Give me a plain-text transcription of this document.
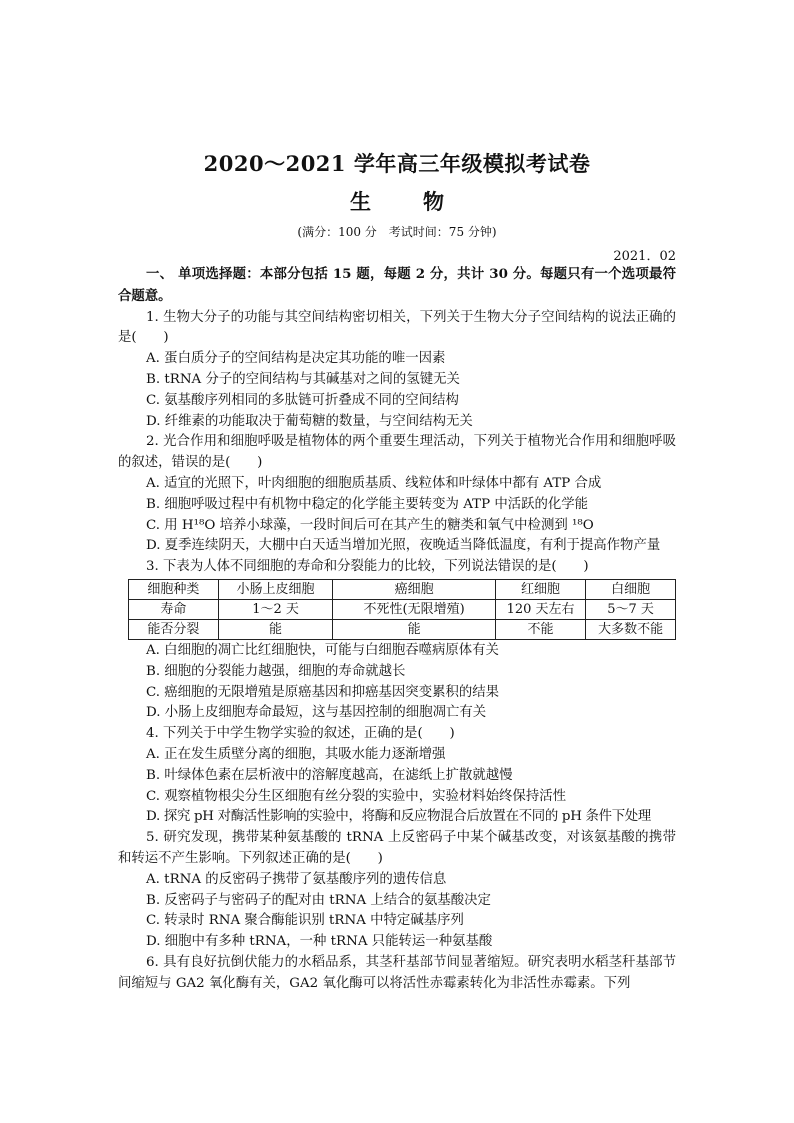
2020～2021 学年高三年级模拟考试卷
生 物
(满分：100 分　考试时间：75 分钟)
2021．02

一、 单项选择题：本部分包括 15 题，每题 2 分，共计 30 分。每题只有一个选项最符合题意。

1. 生物大分子的功能与其空间结构密切相关，下列关于生物大分子空间结构的说法正确的是(　　)

A. 蛋白质分子的空间结构是决定其功能的唯一因素

B. tRNA 分子的空间结构与其碱基对之间的氢键无关

C. 氨基酸序列相同的多肽链可折叠成不同的空间结构

D. 纤维素的功能取决于葡萄糖的数量，与空间结构无关

2. 光合作用和细胞呼吸是植物体的两个重要生理活动，下列关于植物光合作用和细胞呼吸的叙述，错误的是(　　)

A. 适宜的光照下，叶肉细胞的细胞质基质、线粒体和叶绿体中都有 ATP 合成

B. 细胞呼吸过程中有机物中稳定的化学能主要转变为 ATP 中活跃的化学能

C. 用 H¹⁸O 培养小球藻，一段时间后可在其产生的糖类和氧气中检测到 ¹⁸O

D. 夏季连续阴天，大棚中白天适当增加光照，夜晚适当降低温度，有利于提高作物产量

3. 下表为人体不同细胞的寿命和分裂能力的比较，下列说法错误的是(　　)

细胞种类	小肠上皮细胞	癌细胞	红细胞	白细胞
寿命	1～2 天	不死性(无限增殖)	120 天左右	5～7 天
能否分裂	能	能	不能	大多数不能

A. 白细胞的凋亡比红细胞快，可能与白细胞吞噬病原体有关

B. 细胞的分裂能力越强，细胞的寿命就越长

C. 癌细胞的无限增殖是原癌基因和抑癌基因突变累积的结果

D. 小肠上皮细胞寿命最短，这与基因控制的细胞凋亡有关

4. 下列关于中学生物学实验的叙述，正确的是(　　)

A. 正在发生质壁分离的细胞，其吸水能力逐渐增强

B. 叶绿体色素在层析液中的溶解度越高，在滤纸上扩散就越慢

C. 观察植物根尖分生区细胞有丝分裂的实验中，实验材料始终保持活性

D. 探究 pH 对酶活性影响的实验中，将酶和反应物混合后放置在不同的 pH 条件下处理

5. 研究发现，携带某种氨基酸的 tRNA 上反密码子中某个碱基改变，对该氨基酸的携带和转运不产生影响。下列叙述正确的是(　　)

A. tRNA 的反密码子携带了氨基酸序列的遗传信息

B. 反密码子与密码子的配对由 tRNA 上结合的氨基酸决定

C. 转录时 RNA 聚合酶能识别 tRNA 中特定碱基序列

D. 细胞中有多种 tRNA，一种 tRNA 只能转运一种氨基酸

6. 具有良好抗倒伏能力的水稻品系，其茎秆基部节间显著缩短。研究表明水稻茎秆基部节间缩短与 GA2 氧化酶有关，GA2 氧化酶可以将活性赤霉素转化为非活性赤霉素。下列
